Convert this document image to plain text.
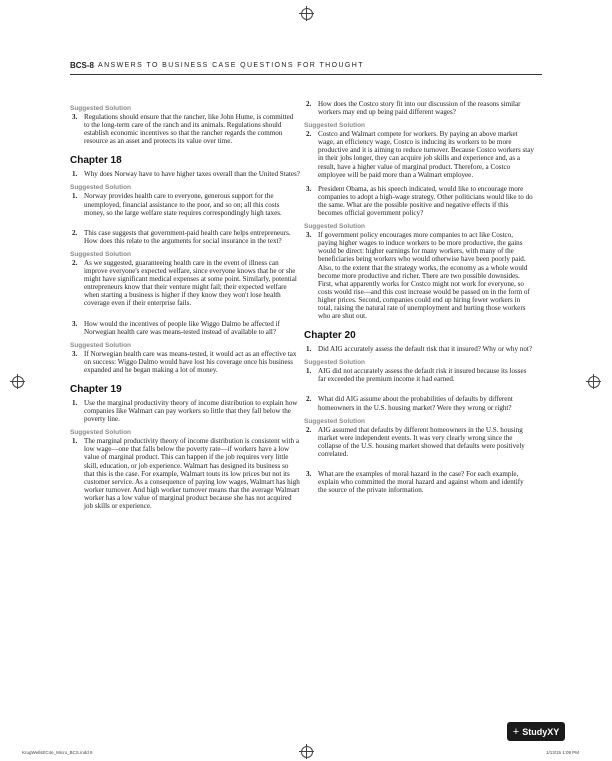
BCS-8 ANSWERS TO BUSINESS CASE QUESTIONS FOR THOUGHT
Suggested Solution
3. Regulations should ensure that the rancher, like John Hume, is committed to the long-term care of the ranch and its animals. Regulations should establish economic incentives so that the rancher regards the common resource as an asset and protects its value over time.
Chapter 18
1. Why does Norway have to have higher taxes overall than the United States?
Suggested Solution
1. Norway provides health care to everyone, generous support for the unemployed, financial assistance to the poor, and so on; all this costs money, so the large welfare state requires correspondingly high taxes.
2. This case suggests that government-paid health care helps entrepreneurs. How does this relate to the arguments for social insurance in the text?
Suggested Solution
2. As we suggested, guaranteeing health care in the event of illness can improve everyone's expected welfare, since everyone knows that he or she might have significant medical expenses at some point. Similarly, potential entrepreneurs know that their venture might fail; their expected welfare when starting a business is higher if they know they won't lose health coverage even if their enterprise fails.
3. How would the incentives of people like Wiggo Dalmo be affected if Norwegian health care was means-tested instead of available to all?
Suggested Solution
3. If Norwegian health care was means-tested, it would act as an effective tax on success: Wiggo Dalmo would have lost his coverage once his business expanded and he began making a lot of money.
Chapter 19
1. Use the marginal productivity theory of income distribution to explain how companies like Walmart can pay workers so little that they fall below the poverty line.
Suggested Solution
1. The marginal productivity theory of income distribution is consistent with a low wage—one that falls below the poverty rate—if workers have a low value of marginal product. This can happen if the job requires very little skill, education, or job experience. Walmart has designed its business so that this is the case. For example, Walmart touts its low prices but not its customer service. As a consequence of paying low wages, Walmart has high worker turnover. And high worker turnover means that the average Walmart worker has a low value of marginal product because she has not acquired job skills or experience.
2. How does the Costco story fit into our discussion of the reasons similar workers may end up being paid different wages?
Suggested Solution
2. Costco and Walmart compete for workers. By paying an above market wage, an efficiency wage, Costco is inducing its workers to be more productive and it is aiming to reduce turnover. Because Costco workers stay in their jobs longer, they can acquire job skills and experience and, as a result, have a higher value of marginal product. Therefore, a Costco employee will be paid more than a Walmart employee.
3. President Obama, as his speech indicated, would like to encourage more companies to adopt a high-wage strategy. Other politicians would like to do the same. What are the possible positive and negative effects if this becomes official government policy?
Suggested Solution
3. If government policy encourages more companies to act like Costco, paying higher wages to induce workers to be more productive, the gains would be direct: higher earnings for many workers, with many of the beneficiaries being workers who would otherwise have been poorly paid. Also, to the extent that the strategy works, the economy as a whole would become more productive and richer. There are two possible downsides. First, what apparently works for Costco might not work for everyone, so costs would rise—and this cost increase would be passed on in the form of higher prices. Second, companies could end up hiring fewer workers in total, raising the natural rate of unemployment and hurting those workers who are shut out.
Chapter 20
1. Did AIG accurately assess the default risk that it insured? Why or why not?
Suggested Solution
1. AIG did not accurately assess the default risk it insured because its losses far exceeded the premium income it had earned.
2. What did AIG assume about the probabilities of defaults by different homeowners in the U.S. housing market? Were they wrong or right?
Suggested Solution
2. AIG assumed that defaults by different homeowners in the U.S. housing market were independent events. It was very clearly wrong since the collapse of the U.S. housing market showed that defaults were positively correlated.
3. What are the examples of moral hazard in the case? For each example, explain who committed the moral hazard and against whom and identify the source of the private information.
+ StudyXY
KrugWellsEC4e_Micro_BCS.indd 8	1/13/15 1:09 PM
